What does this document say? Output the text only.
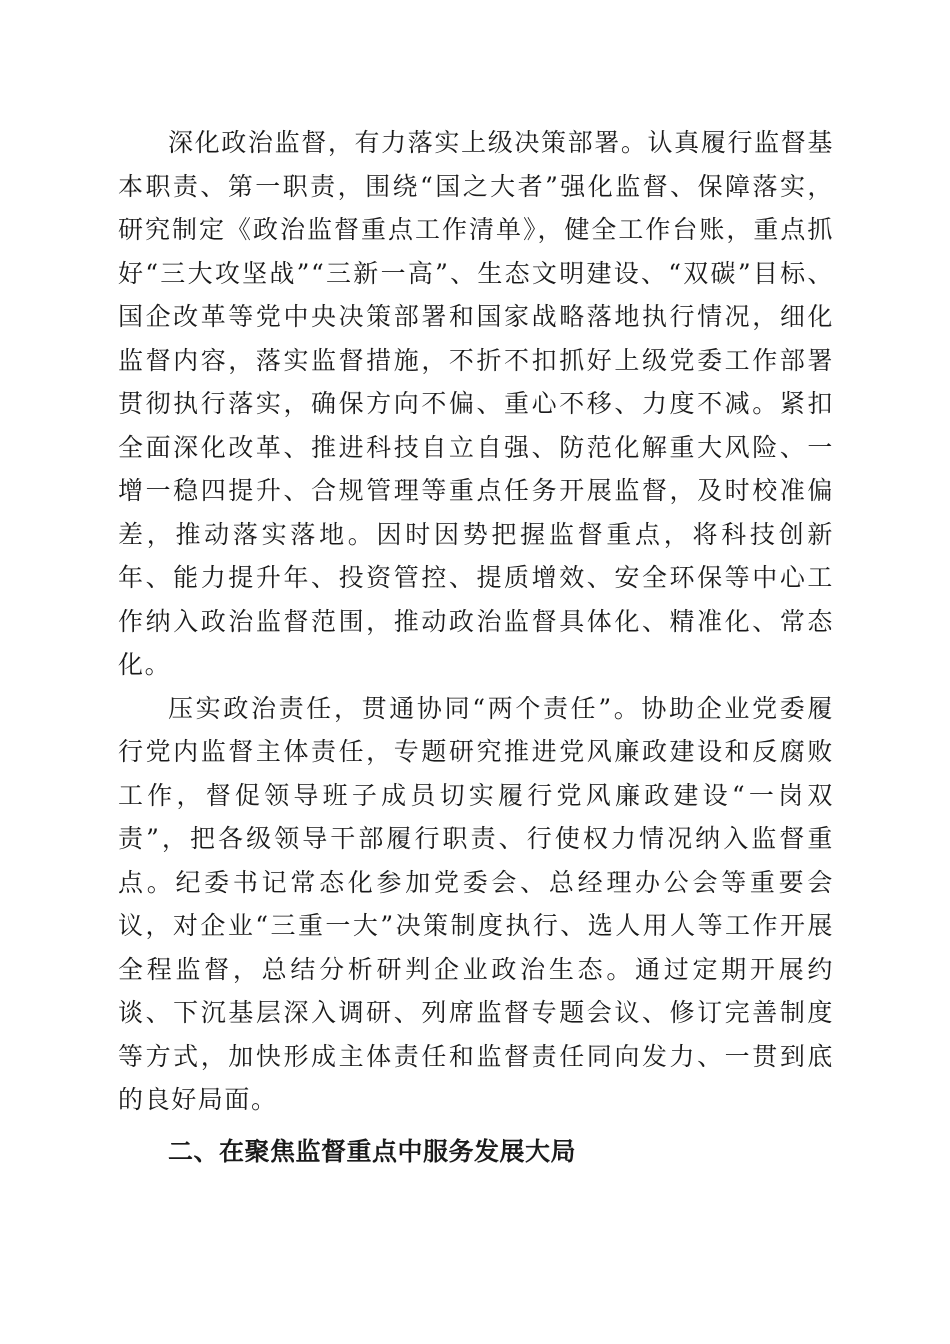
深化政治监督，有力落实上级决策部署。认真履行监督基本职责、第一职责，围绕“国之大者”强化监督、保障落实，研究制定《政治监督重点工作清单》，健全工作台账，重点抓好“三大攻坚战”“三新一高”、生态文明建设、“双碳”目标、国企改革等党中央决策部署和国家战略落地执行情况，细化监督内容，落实监督措施，不折不扣抓好上级党委工作部署贯彻执行落实，确保方向不偏、重心不移、力度不减。紧扣全面深化改革、推进科技自立自强、防范化解重大风险、一增一稳四提升、合规管理等重点任务开展监督，及时校准偏差，推动落实落地。因时因势把握监督重点，将科技创新年、能力提升年、投资管控、提质增效、安全环保等中心工作纳入政治监督范围，推动政治监督具体化、精准化、常态化。

压实政治责任，贯通协同“两个责任”。协助企业党委履行党内监督主体责任，专题研究推进党风廉政建设和反腐败工作，督促领导班子成员切实履行党风廉政建设“一岗双责”，把各级领导干部履行职责、行使权力情况纳入监督重点。纪委书记常态化参加党委会、总经理办公会等重要会议，对企业“三重一大”决策制度执行、选人用人等工作开展全程监督，总结分析研判企业政治生态。通过定期开展约谈、下沉基层深入调研、列席监督专题会议、修订完善制度等方式，加快形成主体责任和监督责任同向发力、一贯到底的良好局面。

二、在聚焦监督重点中服务发展大局
